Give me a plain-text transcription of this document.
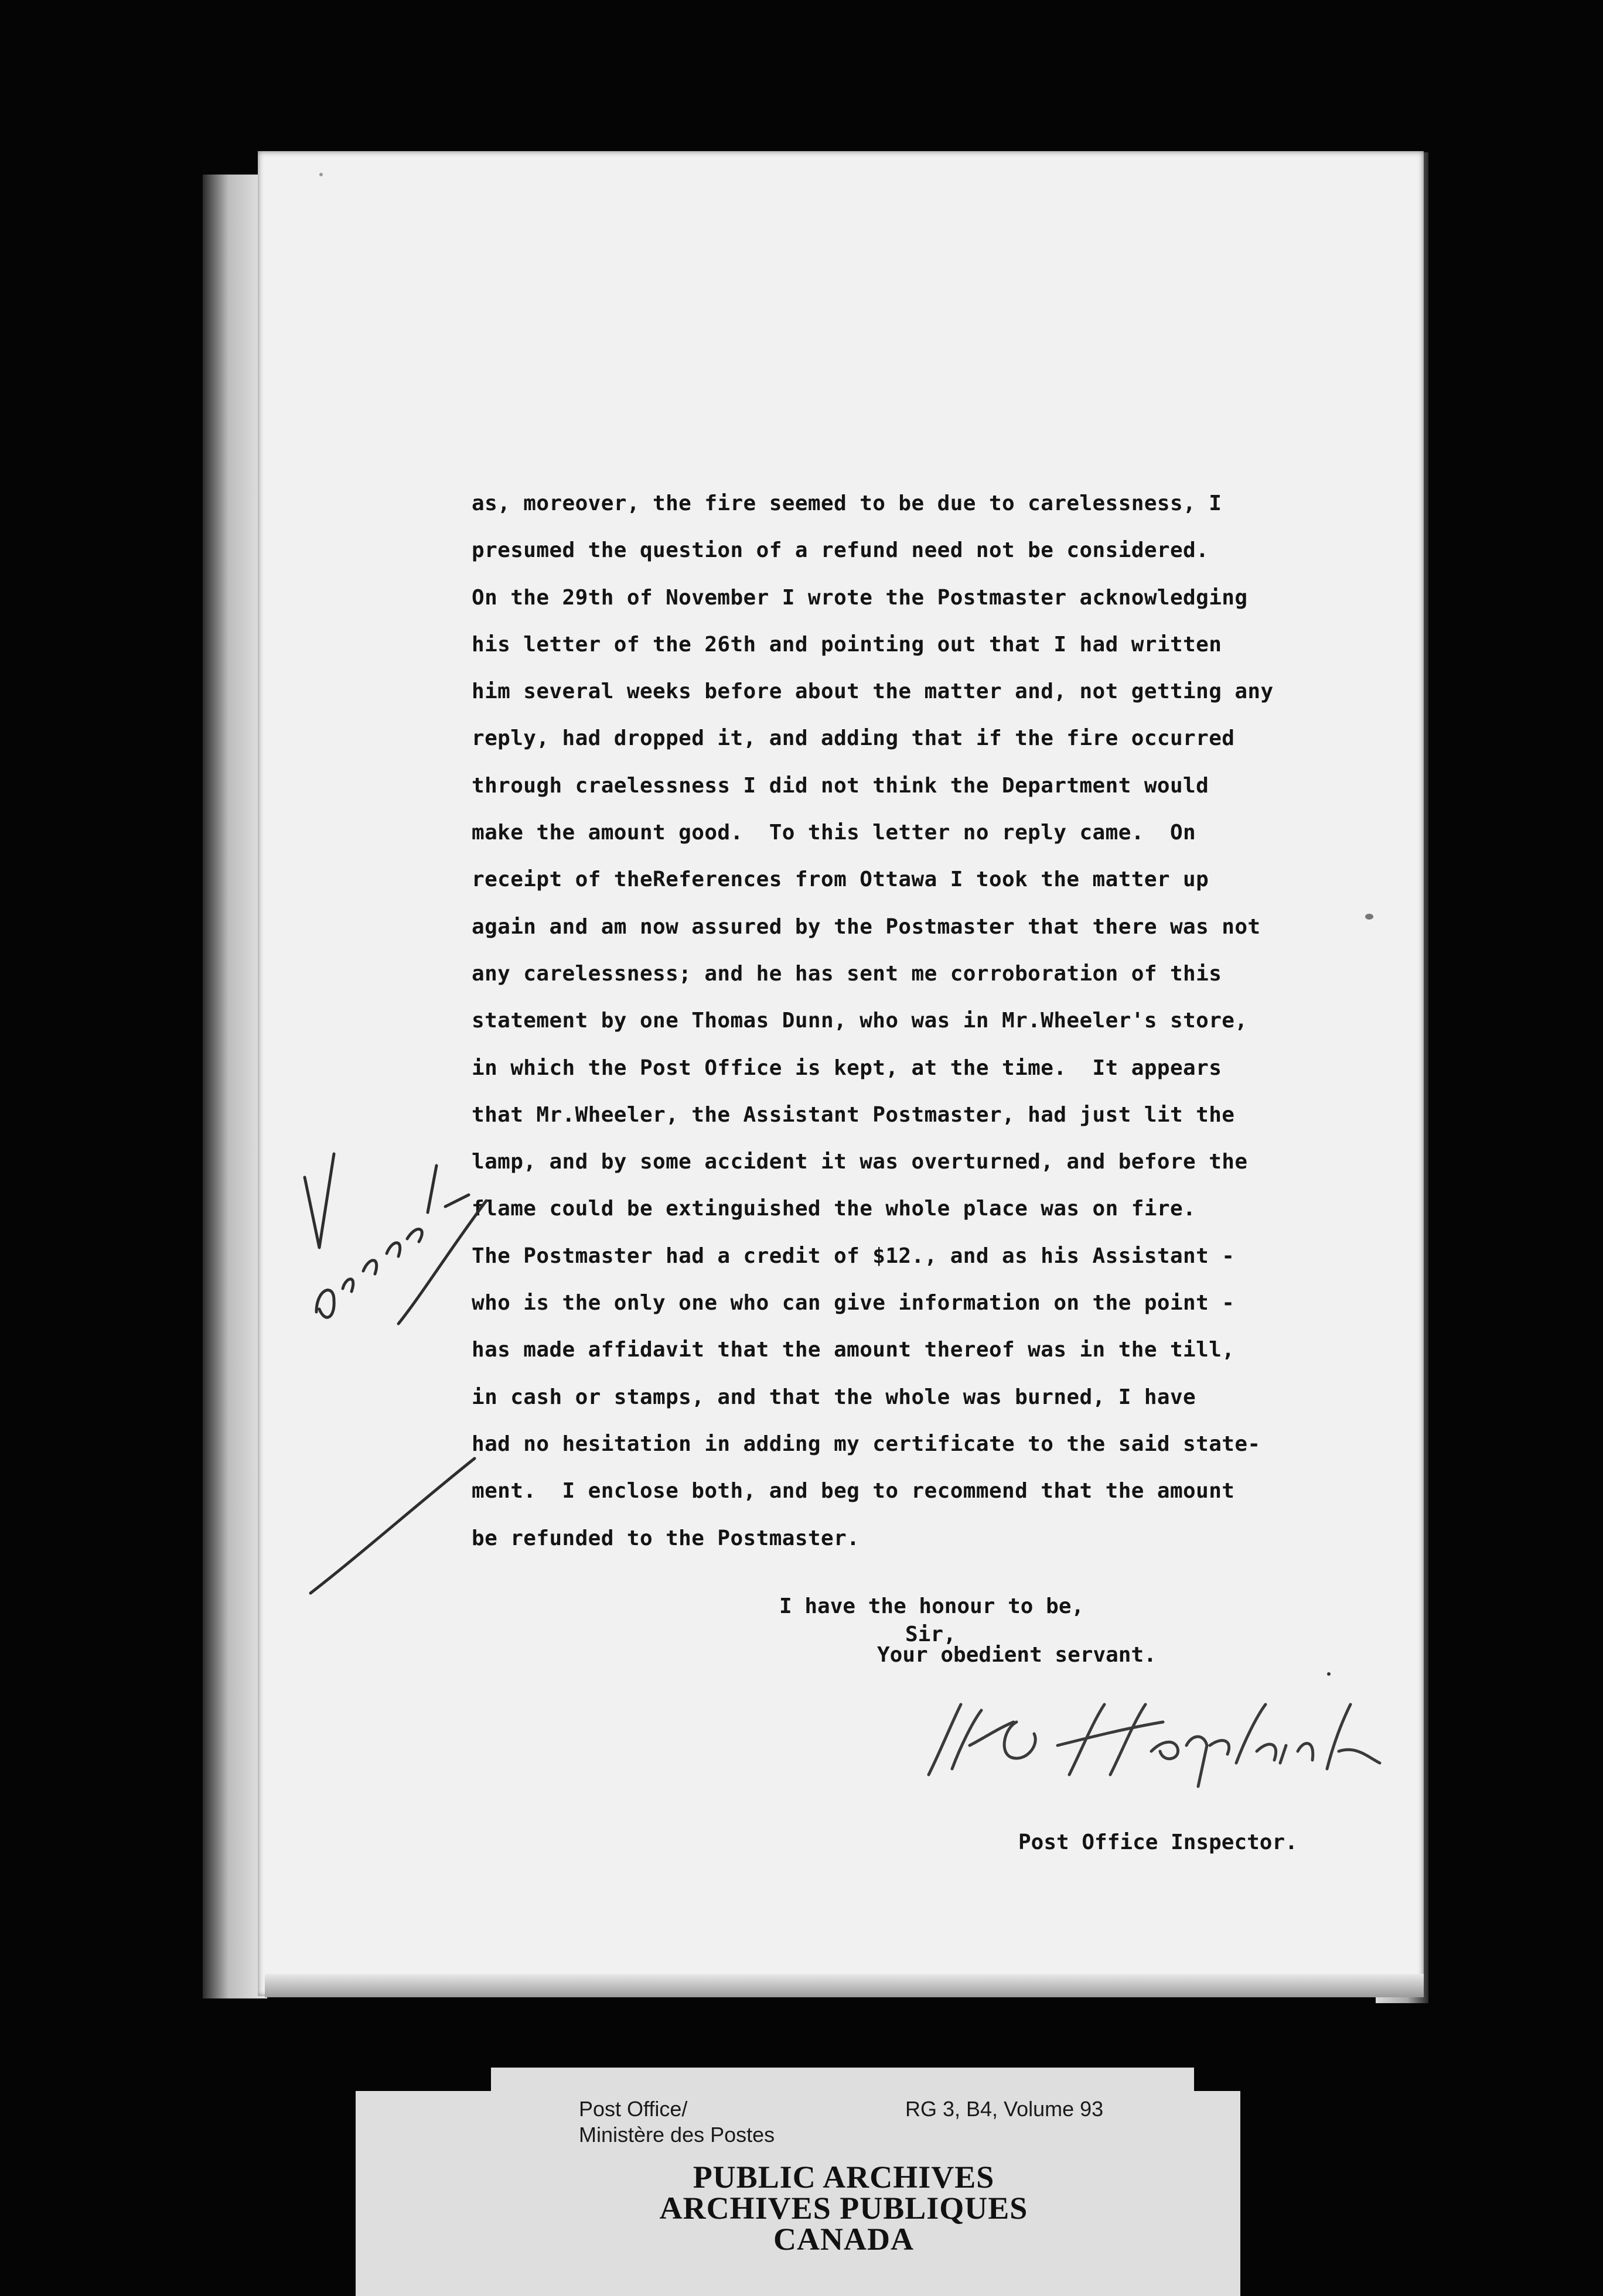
as, moreover, the fire seemed to be due to carelessness, I
presumed the question of a refund need not be considered.
On the 29th of November I wrote the Postmaster acknowledging
his letter of the 26th and pointing out that I had written
him several weeks before about the matter and, not getting any
reply, had dropped it, and adding that if the fire occurred
through craelessness I did not think the Department would
make the amount good.  To this letter no reply came.  On
receipt of theReferences from Ottawa I took the matter up
again and am now assured by the Postmaster that there was not
any carelessness; and he has sent me corroboration of this
statement by one Thomas Dunn, who was in Mr.Wheeler's store,
in which the Post Office is kept, at the time.  It appears
that Mr.Wheeler, the Assistant Postmaster, had just lit the
lamp, and by some accident it was overturned, and before the
flame could be extinguished the whole place was on fire.
The Postmaster had a credit of $12., and as his Assistant -
who is the only one who can give information on the point -
has made affidavit that the amount thereof was in the till,
in cash or stamps, and that the whole was burned, I have
had no hesitation in adding my certificate to the said state-
ment.  I enclose both, and beg to recommend that the amount
be refunded to the Postmaster.
I have the honour to be,
Sir,
Your obedient servant.
W.G. Hopkirk
Post Office Inspector.
Post Office/
Ministère des Postes
RG 3, B4, Volume 93
PUBLIC ARCHIVES
ARCHIVES PUBLIQUES
CANADA
